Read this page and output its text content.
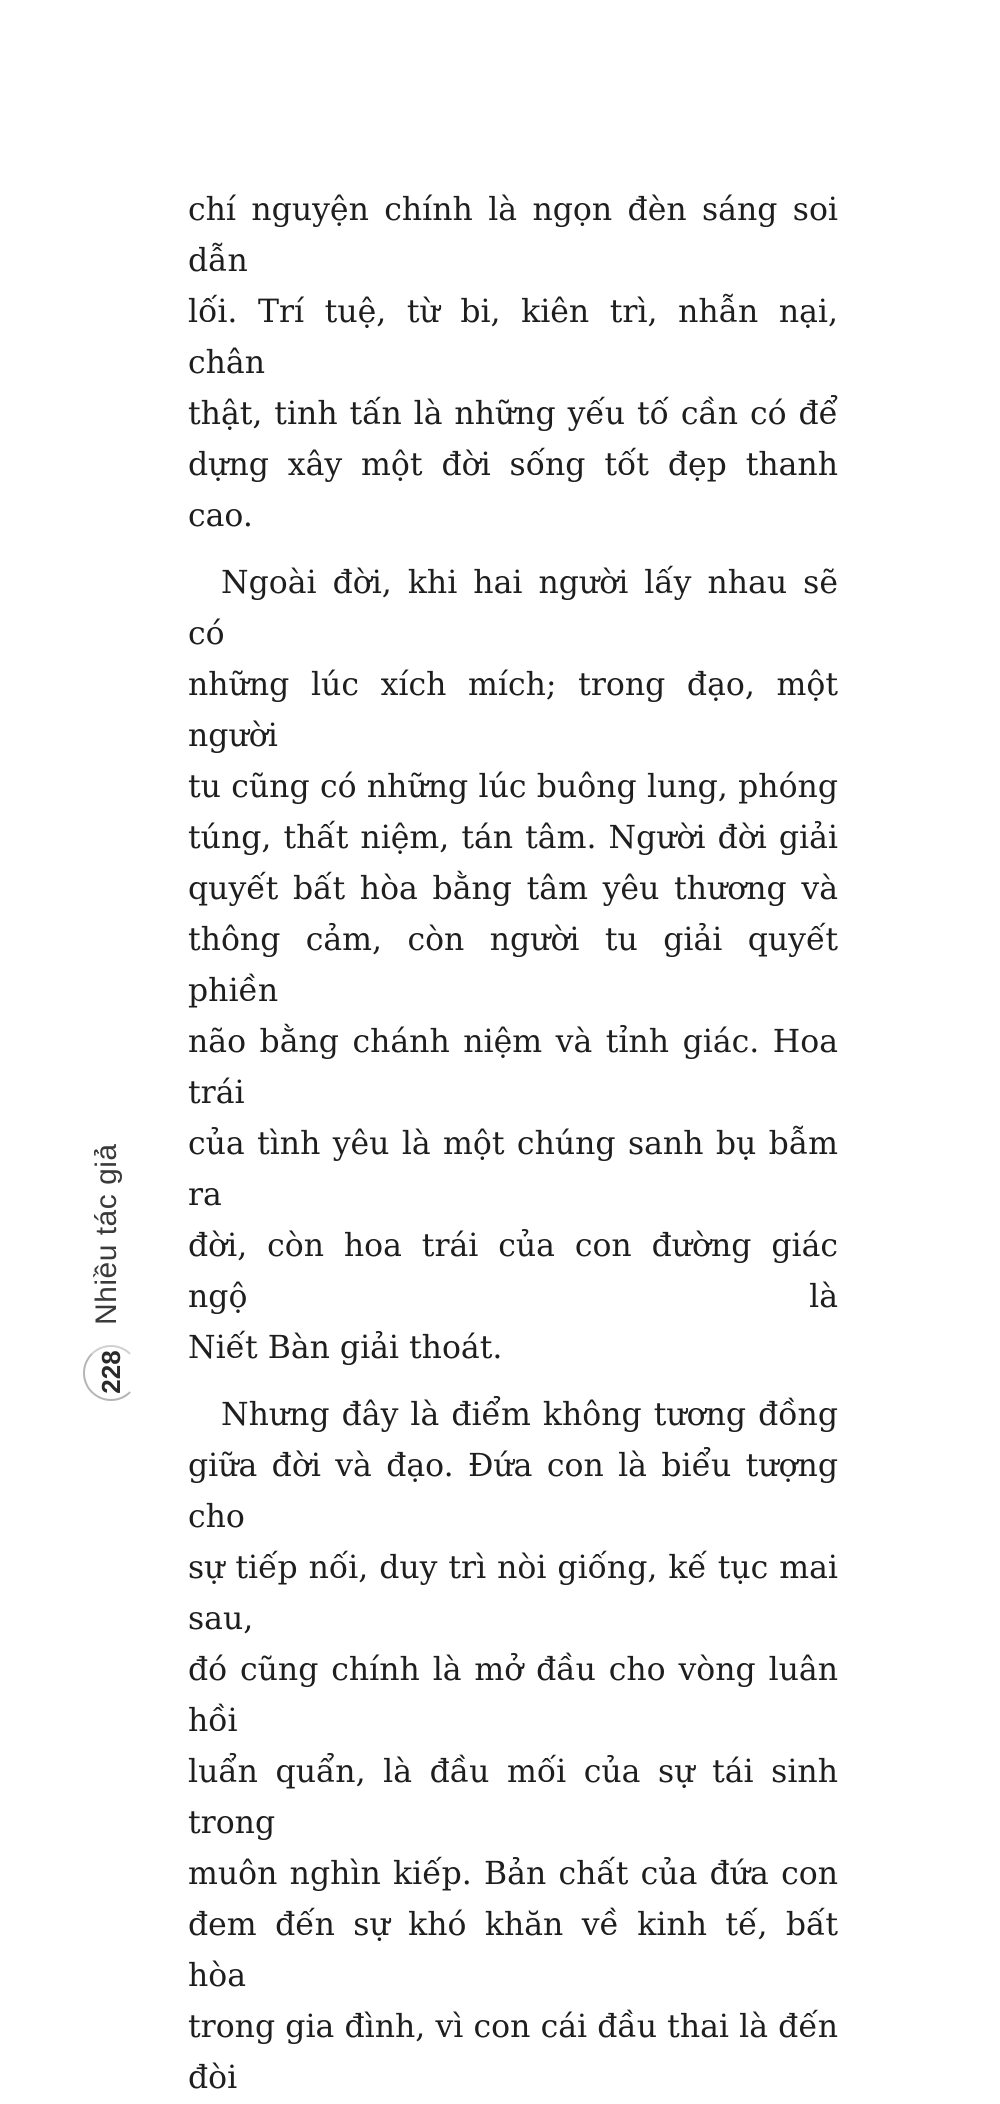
chí nguyện chính là ngọn đèn sáng soi dẫn
lối. Trí tuệ, từ bi, kiên trì, nhẫn nại, chân
thật, tinh tấn là những yếu tố cần có để
dựng xây một đời sống tốt đẹp thanh cao.
Ngoài đời, khi hai người lấy nhau sẽ có
những lúc xích mích; trong đạo, một người
tu cũng có những lúc buông lung, phóng
túng, thất niệm, tán tâm. Người đời giải
quyết bất hòa bằng tâm yêu thương và
thông cảm, còn người tu giải quyết phiền
não bằng chánh niệm và tỉnh giác. Hoa trái
của tình yêu là một chúng sanh bụ bẫm ra
đời, còn hoa trái của con đường giác ngộ là
Niết Bàn giải thoát.
Nhưng đây là điểm không tương đồng
giữa đời và đạo. Đứa con là biểu tượng cho
sự tiếp nối, duy trì nòi giống, kế tục mai sau,
đó cũng chính là mở đầu cho vòng luân hồi
luẩn quẩn, là đầu mối của sự tái sinh trong
muôn nghìn kiếp. Bản chất của đứa con
đem đến sự khó khăn về kinh tế, bất hòa
trong gia đình, vì con cái đầu thai là đến đòi
Nhiều tác giả
228
